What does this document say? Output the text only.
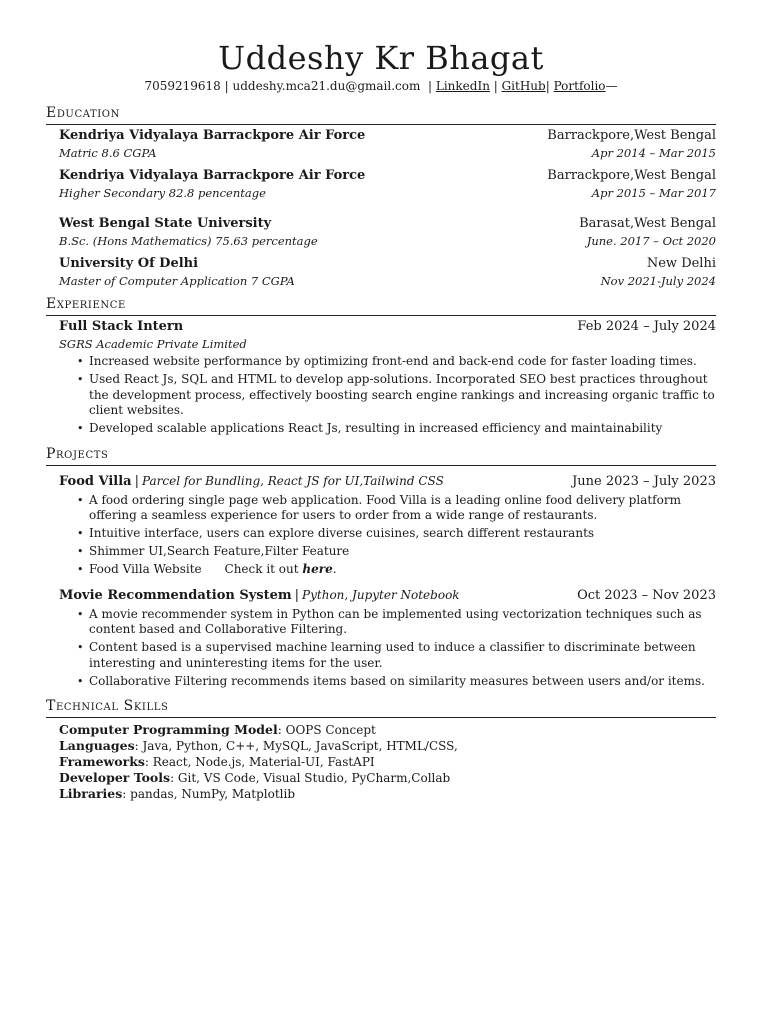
Uddeshy Kr Bhagat
7059219618 | uddeshy.mca21.du@gmail.com  | LinkedIn | GitHub| Portfolio—
Education
Kendriya Vidyalaya Barrackpore Air Force	Barrackpore,West Bengal
Matric 8.6 CGPA	Apr 2014 – Mar 2015
Kendriya Vidyalaya Barrackpore Air Force	Barrackpore,West Bengal
Higher Secondary 82.8 pencentage	Apr 2015 – Mar 2017
West Bengal State University	Barasat,West Bengal
B.Sc. (Hons Mathematics) 75.63 percentage	June. 2017 – Oct 2020
University Of Delhi	New Delhi
Master of Computer Application 7 CGPA	Nov 2021-July 2024
Experience
Full Stack Intern	Feb 2024 – July 2024
SGRS Academic Private Limited
• Increased website performance by optimizing front-end and back-end code for faster loading times.
• Used React Js, SQL and HTML to develop app-solutions. Incorporated SEO best practices throughout the development process, effectively boosting search engine rankings and increasing organic traffic to client websites.
• Developed scalable applications React Js, resulting in increased efficiency and maintainability
Projects
Food Villa | Parcel for Bundling, React JS for UI,Tailwind CSS	June 2023 – July 2023
• A food ordering single page web application. Food Villa is a leading online food delivery platform offering a seamless experience for users to order from a wide range of restaurants.
• Intuitive interface, users can explore diverse cuisines, search different restaurants
• Shimmer UI,Search Feature,Filter Feature
• Food Villa Website Check it out here.
Movie Recommendation System | Python, Jupyter Notebook	Oct 2023 – Nov 2023
• A movie recommender system in Python can be implemented using vectorization techniques such as content based and Collaborative Filtering.
• Content based is a supervised machine learning used to induce a classifier to discriminate between interesting and uninteresting items for the user.
• Collaborative Filtering recommends items based on similarity measures between users and/or items.
Technical Skills
Computer Programming Model: OOPS Concept
Languages: Java, Python, C++, MySQL, JavaScript, HTML/CSS,
Frameworks: React, Node.js, Material-UI, FastAPI
Developer Tools: Git, VS Code, Visual Studio, PyCharm,Collab
Libraries: pandas, NumPy, Matplotlib
